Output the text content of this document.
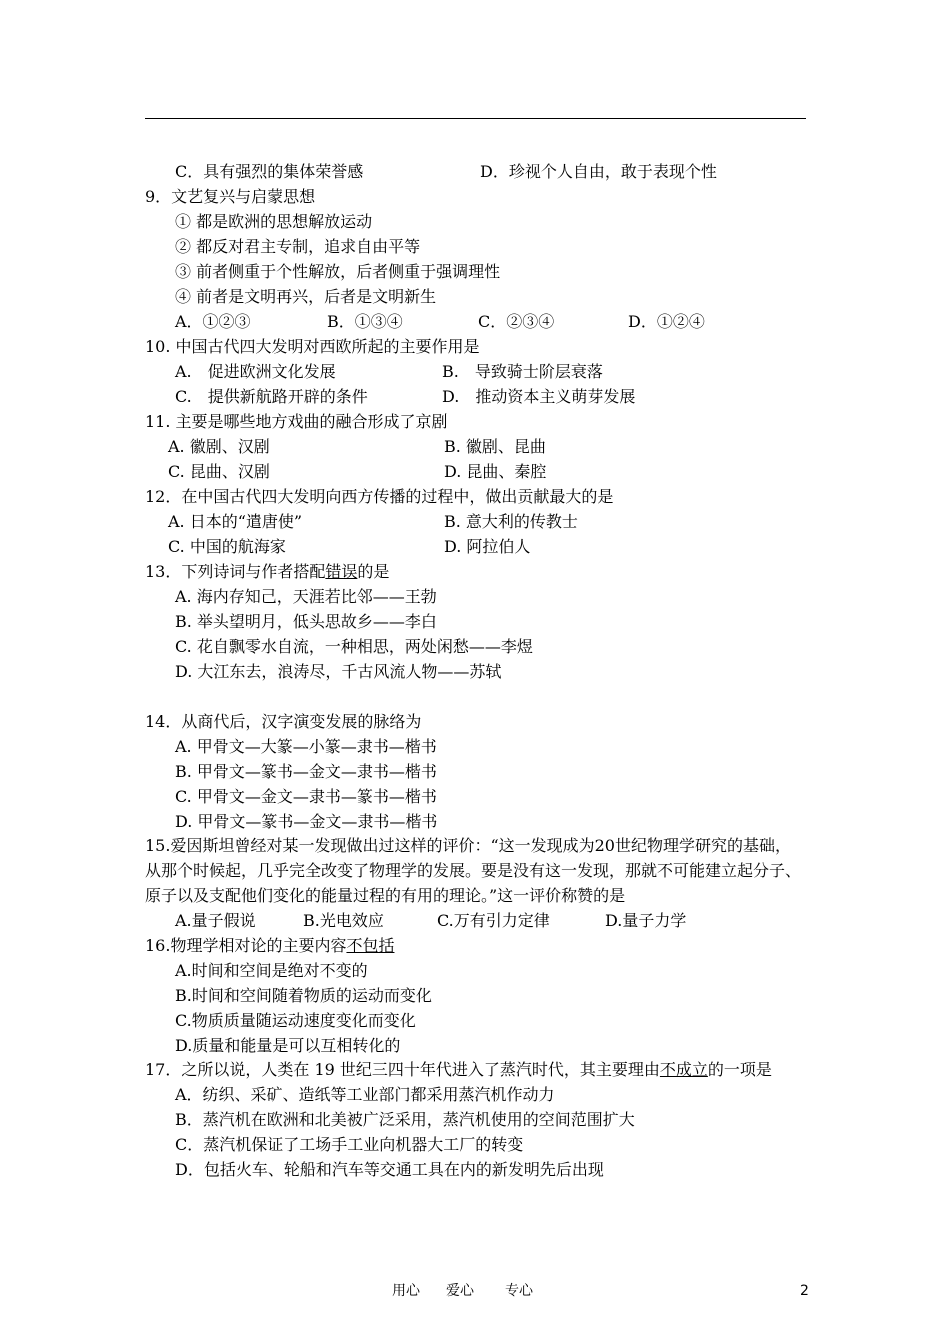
C．具有强烈的集体荣誉感	D．珍视个人自由，敢于表现个性
9．文艺复兴与启蒙思想
① 都是欧洲的思想解放运动
② 都反对君主专制，追求自由平等
③ 前者侧重于个性解放，后者侧重于强调理性
④ 前者是文明再兴，后者是文明新生
A．①②③	B．①③④	C．②③④	D．①②④
10. 中国古代四大发明对西欧所起的主要作用是
A.　促进欧洲文化发展	B.　导致骑士阶层衰落
C.　提供新航路开辟的条件	D.　推动资本主义萌芽发展
11. 主要是哪些地方戏曲的融合形成了京剧
A. 徽剧、汉剧	B. 徽剧、昆曲
C. 昆曲、汉剧	D. 昆曲、秦腔
12．在中国古代四大发明向西方传播的过程中，做出贡献最大的是
A. 日本的“遣唐使”	B. 意大利的传教士
C. 中国的航海家	D. 阿拉伯人
13．下列诗词与作者搭配错误的是
A. 海内存知己，天涯若比邻——王勃
B. 举头望明月，低头思故乡——李白
C. 花自飘零水自流，一种相思，两处闲愁——李煜
D. 大江东去，浪涛尽，千古风流人物——苏轼
14．从商代后，汉字演变发展的脉络为
A. 甲骨文—大篆—小篆—隶书—楷书
B. 甲骨文—篆书—金文—隶书—楷书
C. 甲骨文—金文—隶书—篆书—楷书
D. 甲骨文—篆书—金文—隶书—楷书
15.爱因斯坦曾经对某一发现做出过这样的评价：“这一发现成为20世纪物理学研究的基础，
从那个时候起，几乎完全改变了物理学的发展。要是没有这一发现，那就不可能建立起分子、
原子以及支配他们变化的能量过程的有用的理论。”这一评价称赞的是
A.量子假说	B.光电效应	C.万有引力定律	D.量子力学
16.物理学相对论的主要内容不包括
A.时间和空间是绝对不变的
B.时间和空间随着物质的运动而变化
C.物质质量随运动速度变化而变化
D.质量和能量是可以互相转化的
17．之所以说，人类在 19 世纪三四十年代进入了蒸汽时代，其主要理由不成立的一项是
A．纺织、采矿、造纸等工业部门都采用蒸汽机作动力
B．蒸汽机在欧洲和北美被广泛采用，蒸汽机使用的空间范围扩大
C．蒸汽机保证了工场手工业向机器大工厂的转变
D．包括火车、轮船和汽车等交通工具在内的新发明先后出现
用心 爱心 专心	2
